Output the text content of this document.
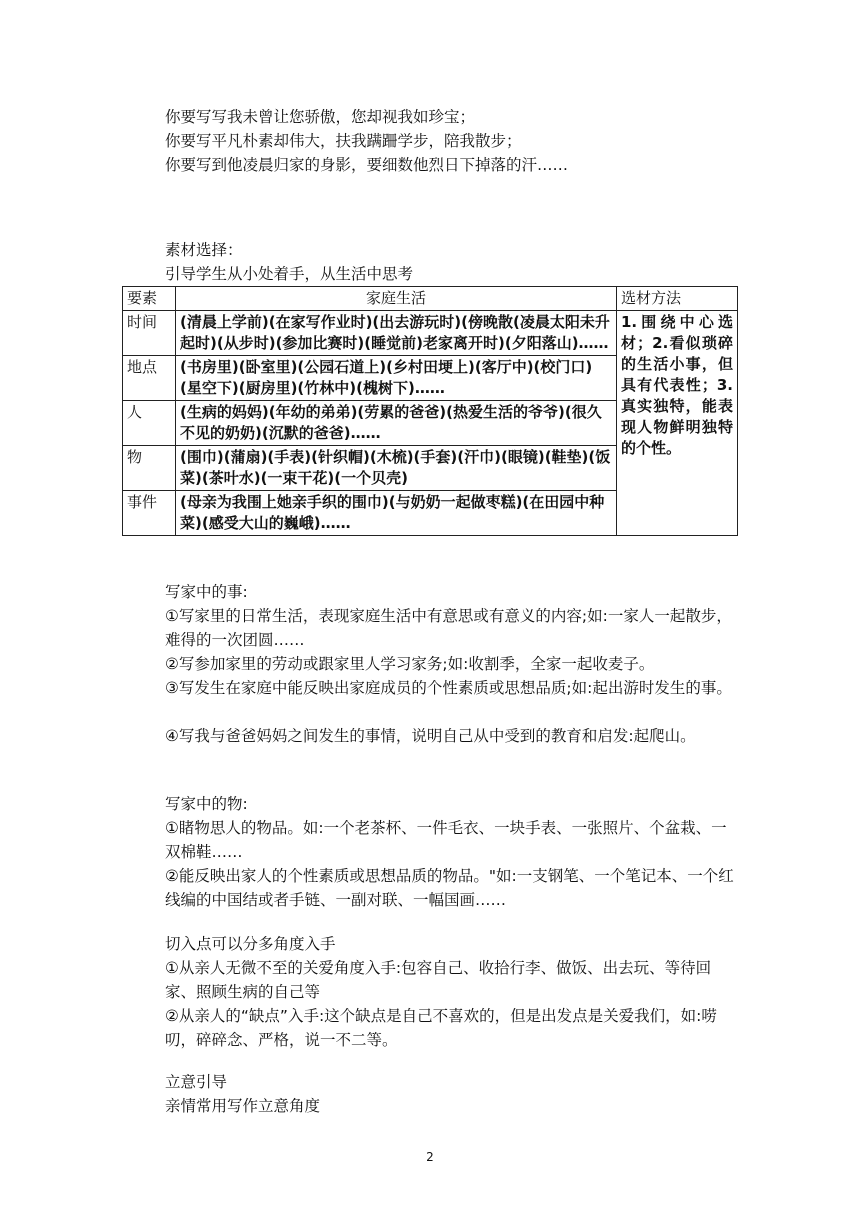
你要写写我未曾让您骄傲，您却视我如珍宝；
你要写平凡朴素却伟大，扶我蹒跚学步，陪我散步；
你要写到他凌晨归家的身影，要细数他烈日下掉落的汗……
素材选择：
引导学生从小处着手，从生活中思考
要素	家庭生活	选材方法
时间	(清晨上学前)(在家写作业时)(出去游玩时)(傍晚散(凌晨太阳未升起时)(从步时)(参加比赛时)(睡觉前)老家离开时)(夕阳落山)……	1.围绕中心选材；2.看似琐碎的生活小事，但具有代表性；3.真实独特，能表现人物鲜明独特的个性。
地点	(书房里)(卧室里)(公园石道上)(乡村田埂上)(客厅中)(校门口)(星空下)(厨房里)(竹林中)(槐树下)……	
人	(生病的妈妈)(年幼的弟弟)(劳累的爸爸)(热爱生活的爷爷)(很久不见的奶奶)(沉默的爸爸)……	
物	(围巾)(蒲扇)(手表)(针织帽)(木梳)(手套)(汗巾)(眼镜)(鞋垫)(饭菜)(茶叶水)(一束干花)(一个贝壳)	
事件	(母亲为我围上她亲手织的围巾)(与奶奶一起做枣糕)(在田园中种菜)(感受大山的巍峨)……	
写家中的事:
①写家里的日常生活，表现家庭生活中有意思或有意义的内容;如:一家人一起散步，难得的一次团圆……
②写参加家里的劳动或跟家里人学习家务;如:收割季，全家一起收麦子。
③写发生在家庭中能反映出家庭成员的个性素质或思想品质;如:起出游时发生的事。
④写我与爸爸妈妈之间发生的事情，说明自己从中受到的教育和启发:起爬山。
写家中的物:
①睹物思人的物品。如:一个老茶杯、一件毛衣、一块手表、一张照片、个盆栽、一双棉鞋……
②能反映出家人的个性素质或思想品质的物品。"如:一支钢笔、一个笔记本、一个红线编的中国结或者手链、一副对联、一幅国画……
切入点可以分多角度入手
①从亲人无微不至的关爱角度入手:包容自己、收拾行李、做饭、出去玩、等待回家、照顾生病的自己等
②从亲人的“缺点”入手:这个缺点是自己不喜欢的，但是出发点是关爱我们，如:唠叨，碎碎念、严格，说一不二等。
立意引导
亲情常用写作立意角度
2
